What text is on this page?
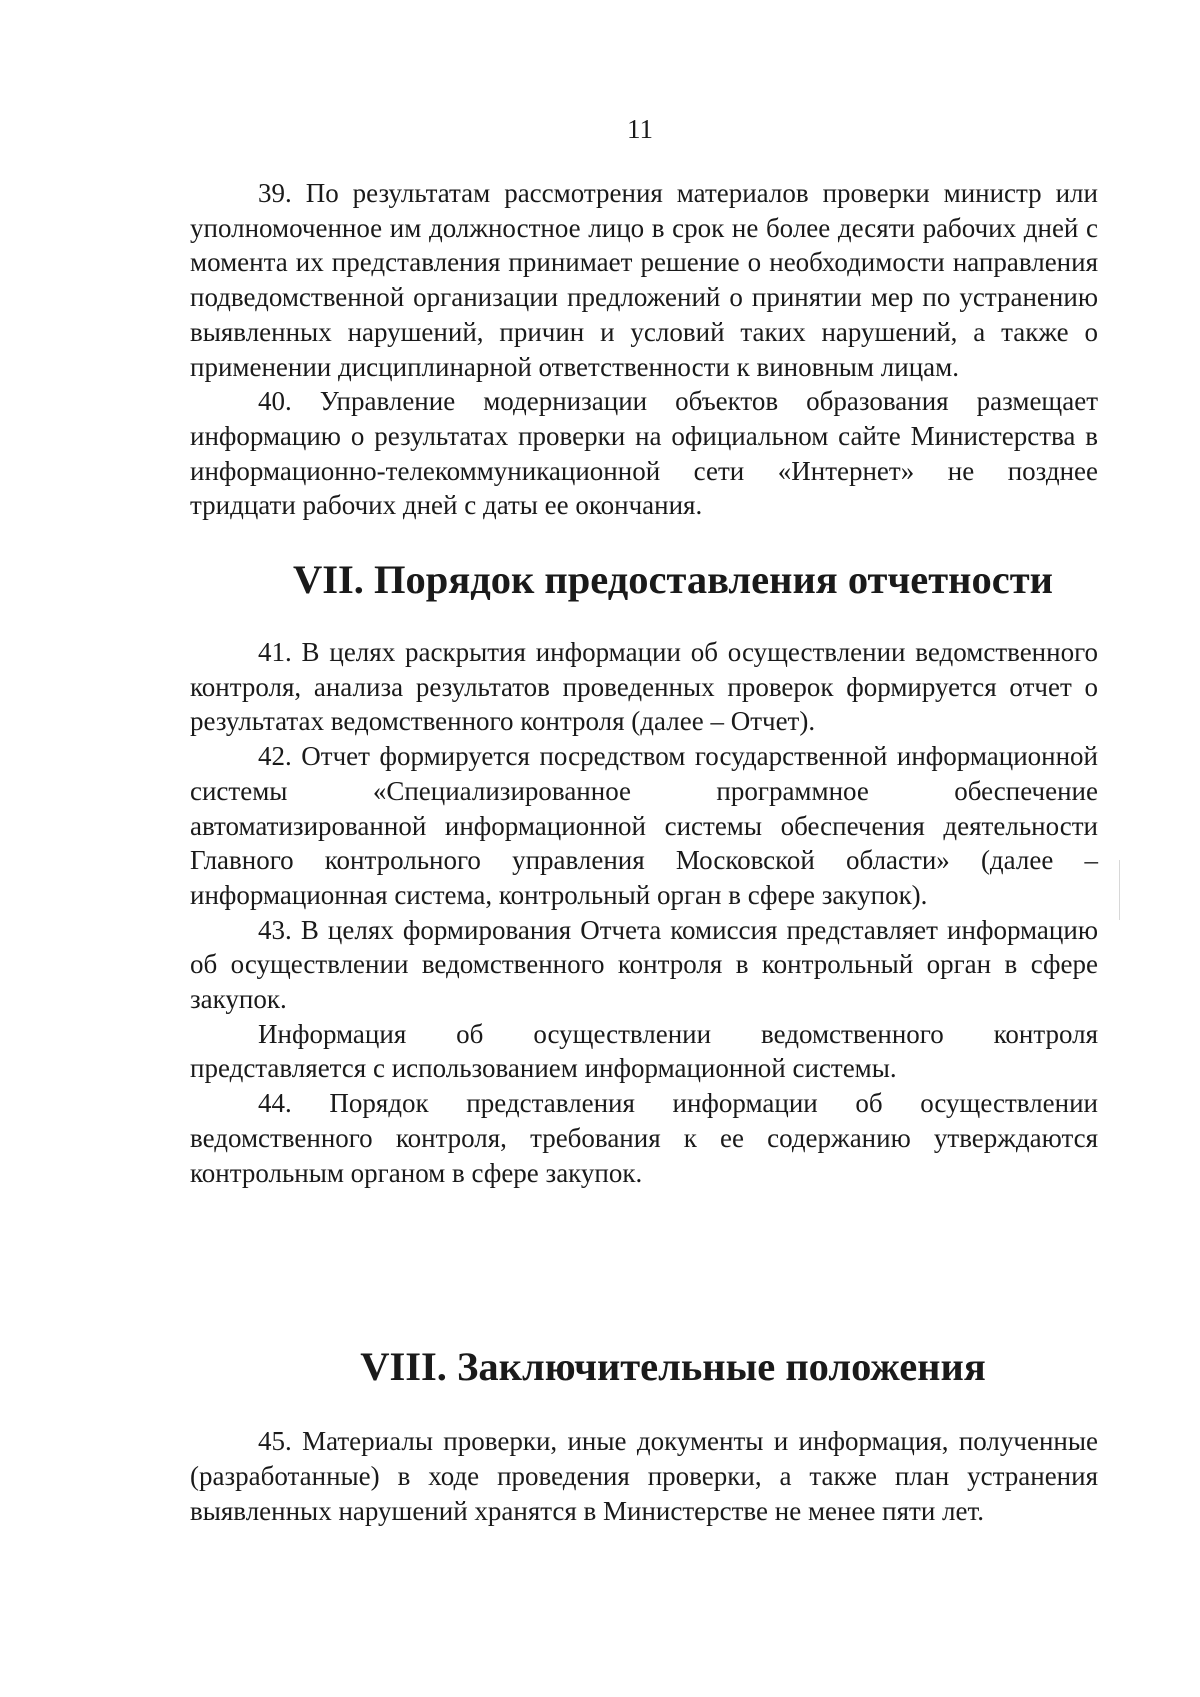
11

39. По результатам рассмотрения материалов проверки министр или уполномоченное им должностное лицо в срок не более десяти рабочих дней с момента их представления принимает решение о необходимости направления подведомственной организации предложений о принятии мер по устранению выявленных нарушений, причин и условий таких нарушений, а также о применении дисциплинарной ответственности к виновным лицам.

40. Управление модернизации объектов образования размещает информацию о результатах проверки на официальном сайте Министерства в информационно-телекоммуникационной сети «Интернет» не позднее тридцати рабочих дней с даты ее окончания.

VII. Порядок предоставления отчетности

41. В целях раскрытия информации об осуществлении ведомственного контроля, анализа результатов проведенных проверок формируется отчет о результатах ведомственного контроля (далее – Отчет).

42. Отчет формируется посредством государственной информационной системы «Специализированное программное обеспечение автоматизированной информационной системы обеспечения деятельности Главного контрольного управления Московской области» (далее – информационная система, контрольный орган в сфере закупок).

43. В целях формирования Отчета комиссия представляет информацию об осуществлении ведомственного контроля в контрольный орган в сфере закупок.

Информация об осуществлении ведомственного контроля представляется с использованием информационной системы.

44. Порядок представления информации об осуществлении ведомственного контроля, требования к ее содержанию утверждаются контрольным органом в сфере закупок.

VIII. Заключительные положения

45. Материалы проверки, иные документы и информация, полученные (разработанные) в ходе проведения проверки, а также план устранения выявленных нарушений хранятся в Министерстве не менее пяти лет.
